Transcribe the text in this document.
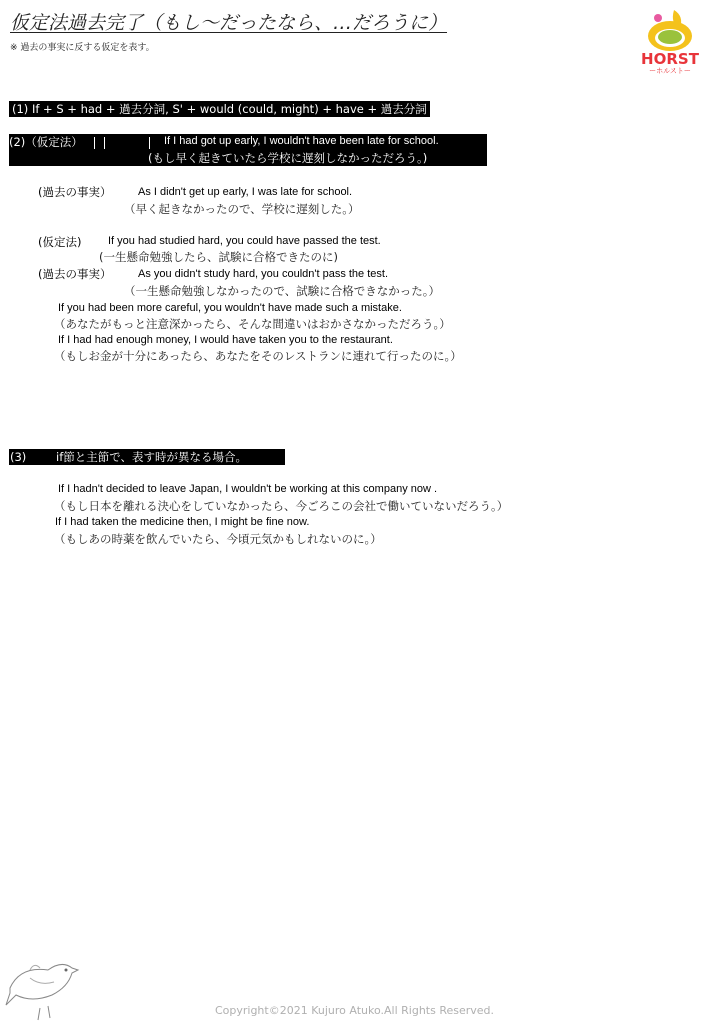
仮定法過去完了（もし〜だったなら、…だろうに）
※ 過去の事実に反する仮定を表す。
HORST
ーホルストー
(1) If + S + had + 過去分詞, S' + would (could, might) + have + 過去分詞
(2)（仮定法）	If I had got up early, I wouldn't have been late for school.
(もし早く起きていたら学校に遅刻しなかっただろう。)
(過去の事実） As I didn't get up early, I was late for school.
（早く起きなかったので、学校に遅刻した。）
(仮定法) If you had studied hard, you could have passed the test.
(一生懸命勉強したら、試験に合格できたのに)
(過去の事実） As you didn't study hard, you couldn't pass the test.
（一生懸命勉強しなかったので、試験に合格できなかった。）
If you had been more careful, you wouldn't have made such a mistake.
（あなたがもっと注意深かったら、そんな間違いはおかさなかっただろう。）
If I had had enough money, I would have taken you to the restaurant.
（もしお金が十分にあったら、あなたをそのレストランに連れて行ったのに。）
(3)	if節と主節で、表す時が異なる場合。
If I hadn't decided to leave Japan, I wouldn't be working at this company now .
（もし日本を離れる決心をしていなかったら、今ごろこの会社で働いていないだろう。）
If I had taken the medicine then, I might be fine now.
（もしあの時薬を飲んでいたら、今頃元気かもしれないのに。）
Copyright©2021 Kujuro Atuko.All Rights Reserved.
